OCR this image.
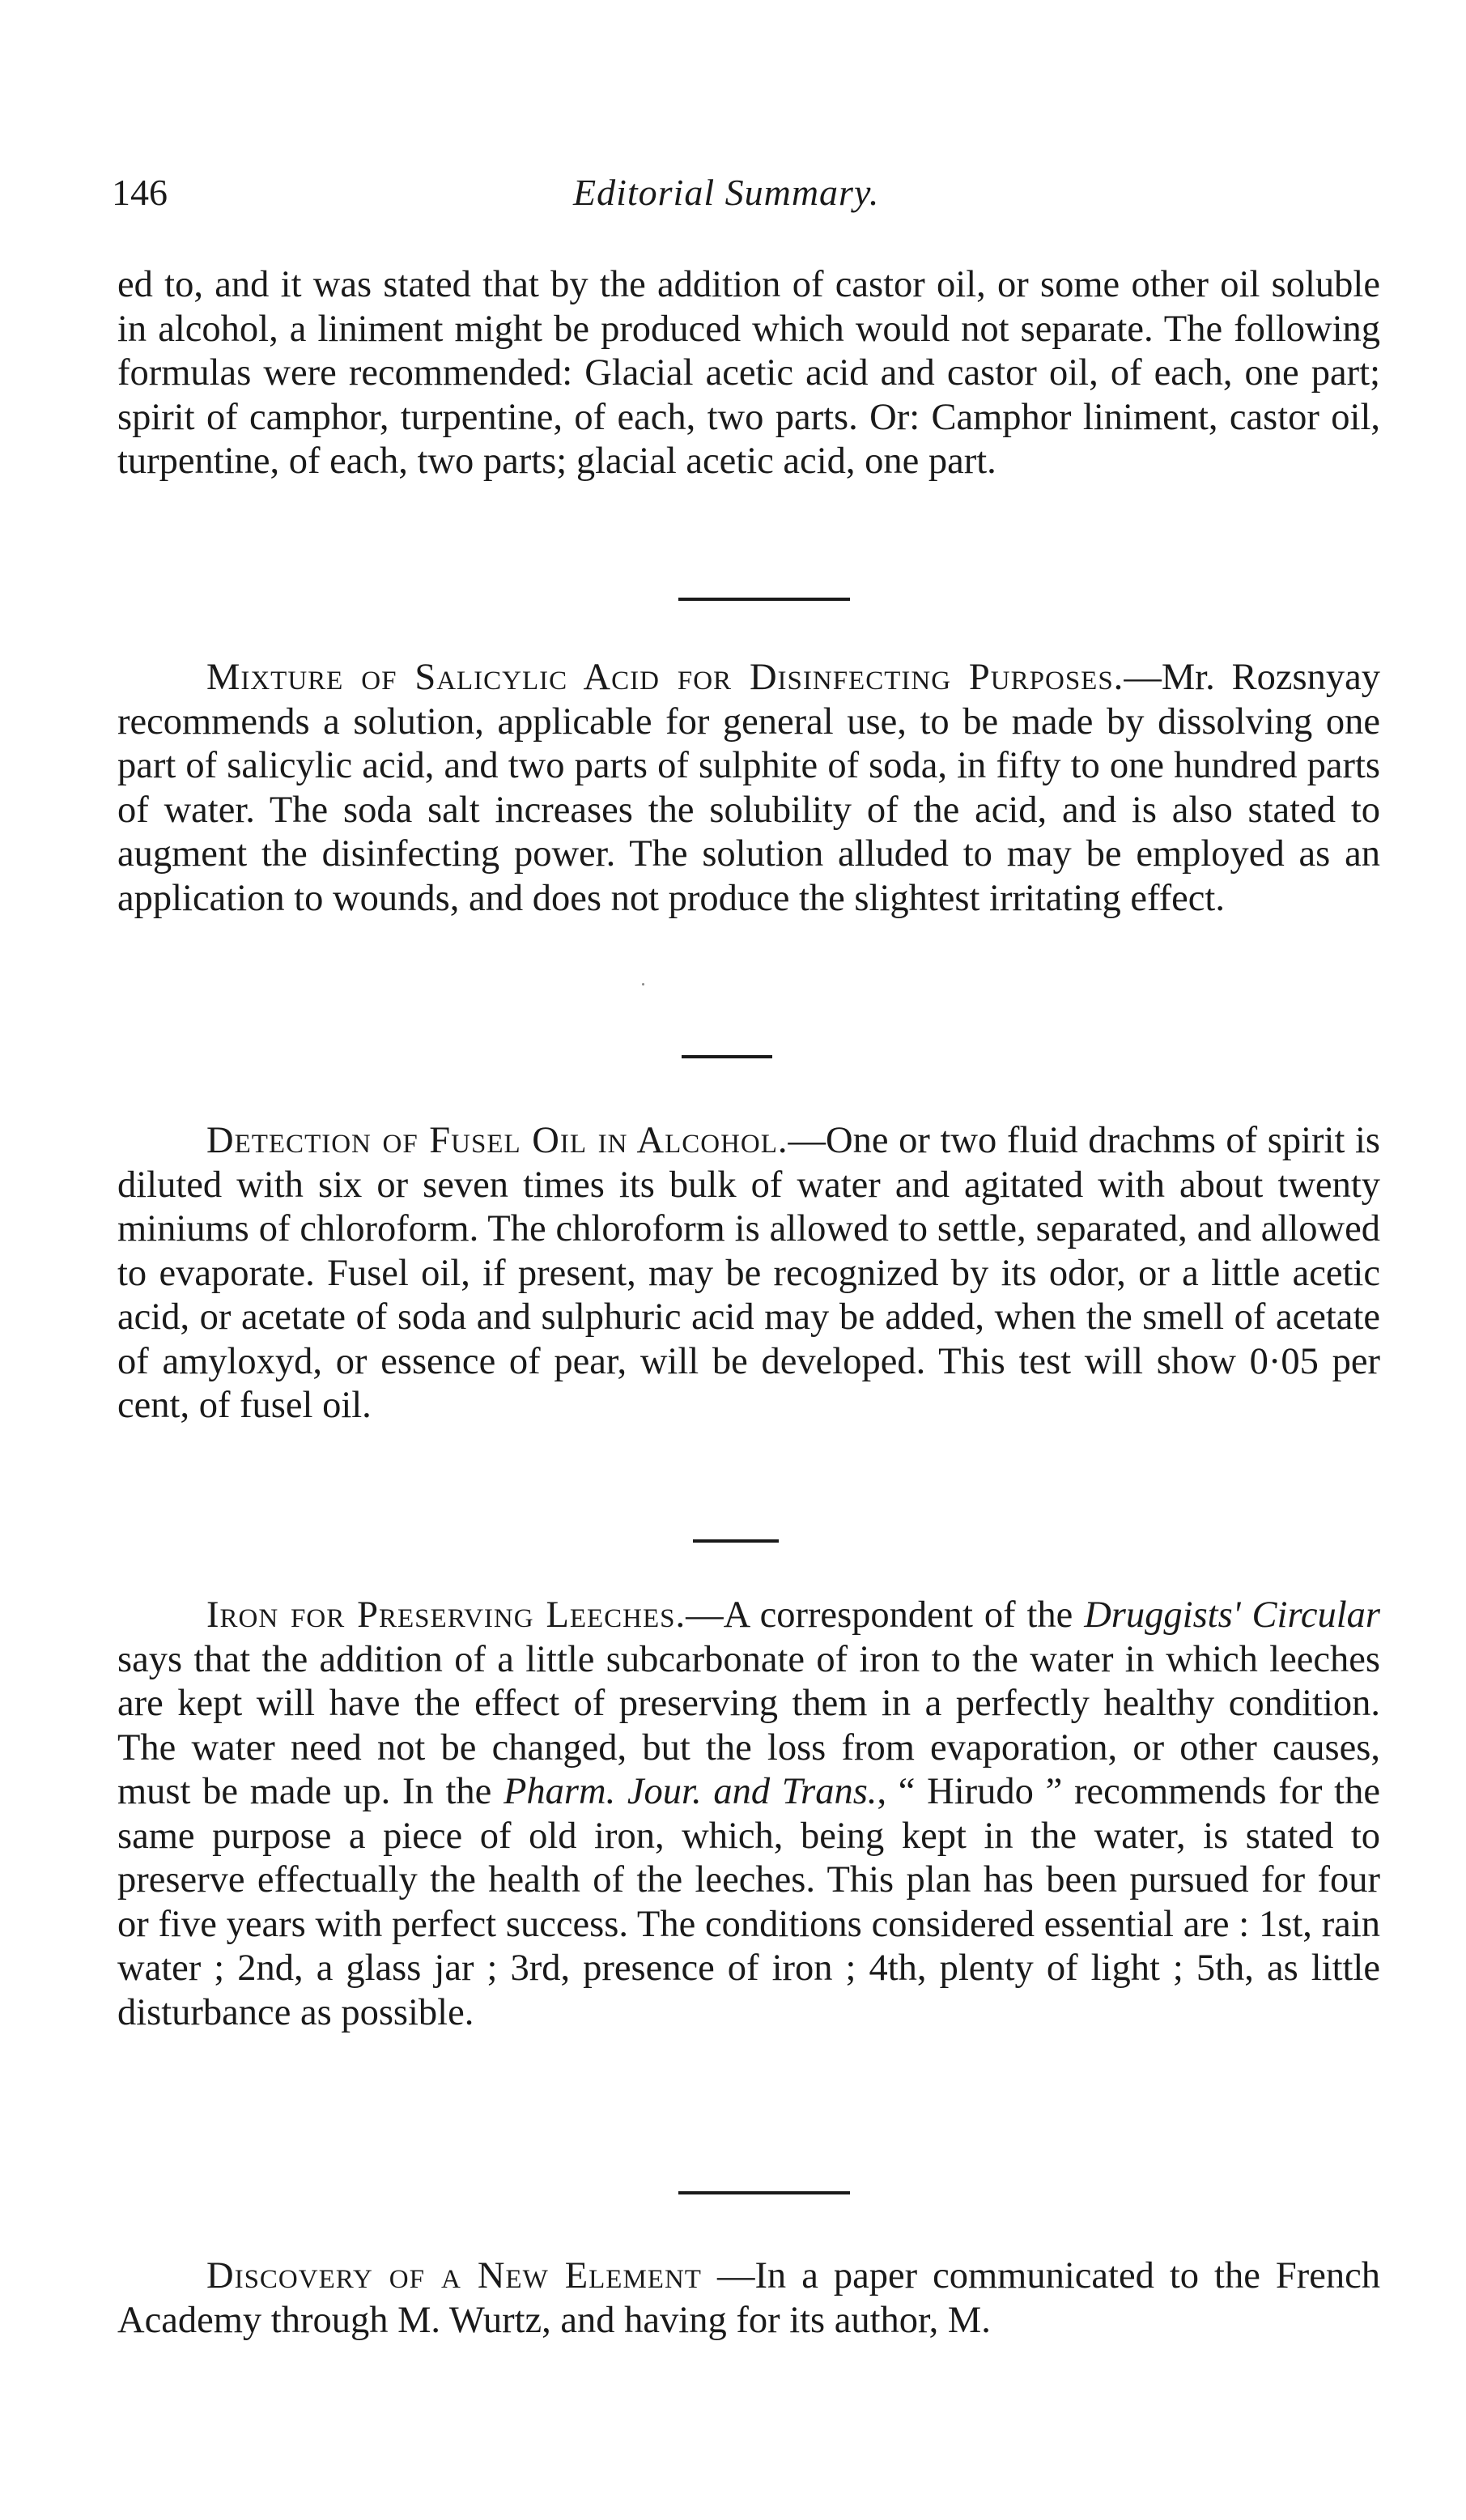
146	Editorial Summary.

ed to, and it was stated that by the addition of castor oil, or some other oil soluble in alcohol, a liniment might be produced which would not separate. The following formulas were recommended: Glacial acetic acid and castor oil, of each, one part; spirit of camphor, turpentine, of each, two parts. Or: Camphor liniment, castor oil, turpentine, of each, two parts; glacial acetic acid, one part.

Mixture of Salicylic Acid for Disinfecting Purposes.—Mr. Rozsnyay recommends a solution, applicable for general use, to be made by dissolving one part of salicylic acid, and two parts of sulphite of soda, in fifty to one hundred parts of water. The soda salt increases the solubility of the acid, and is also stated to augment the disinfecting power. The solution alluded to may be employed as an application to wounds, and does not produce the slightest irritating effect.

Detection of Fusel Oil in Alcohol.—One or two fluid drachms of spirit is diluted with six or seven times its bulk of water and agitated with about twenty miniums of chloroform. The chloroform is allowed to settle, separated, and allowed to evaporate. Fusel oil, if present, may be recognized by its odor, or a little acetic acid, or acetate of soda and sulphuric acid may be added, when the smell of acetate of amyloxyd, or essence of pear, will be developed. This test will show 0·05 per cent, of fusel oil.

Iron for Preserving Leeches.—A correspondent of the Druggists' Circular says that the addition of a little subcarbonate of iron to the water in which leeches are kept will have the effect of preserving them in a perfectly healthy condition. The water need not be changed, but the loss from evaporation, or other causes, must be made up. In the Pharm. Jour. and Trans., “ Hirudo ” recommends for the same purpose a piece of old iron, which, being kept in the water, is stated to preserve effectually the health of the leeches. This plan has been pursued for four or five years with perfect success. The conditions considered essential are : 1st, rain water ; 2nd, a glass jar ; 3rd, presence of iron ; 4th, plenty of light ; 5th, as little disturbance as possible.

Discovery of a New Element —In a paper communicated to the French Academy through M. Wurtz, and having for its author, M.
